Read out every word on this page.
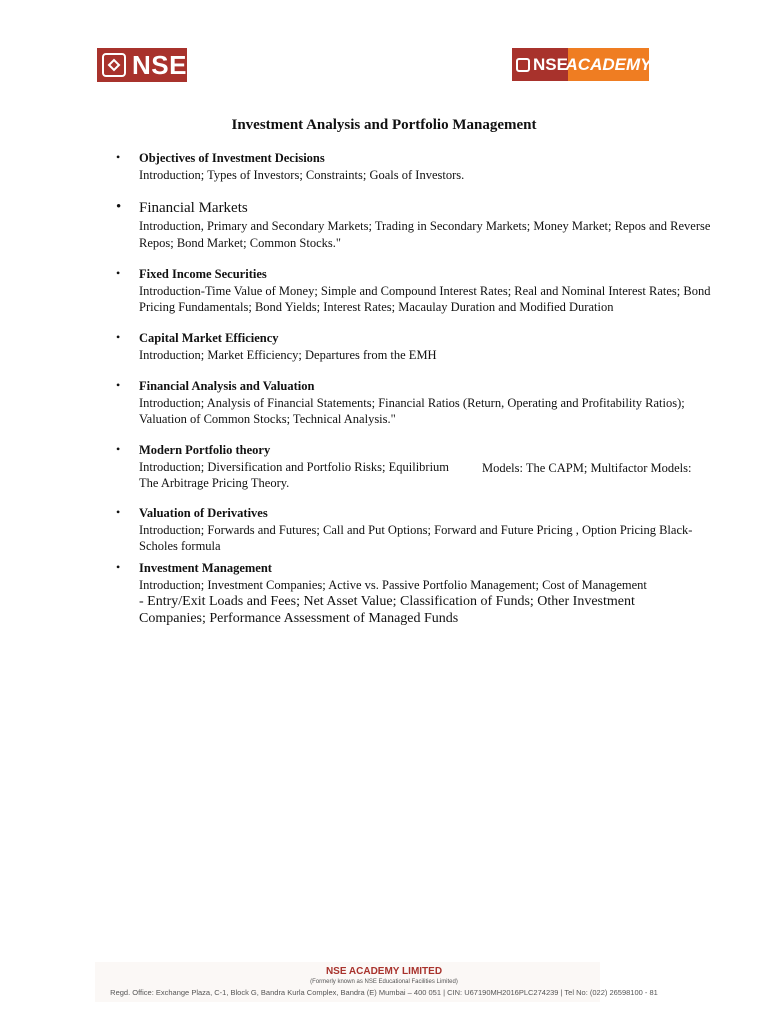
NSE	NSE
ACADEMY
Investment Analysis and Portfolio Management
• Objectives of Investment Decisions
Introduction; Types of Investors; Constraints; Goals of Investors.
• Financial Markets
Introduction, Primary and Secondary Markets; Trading in Secondary Markets; Money Market; Repos and Reverse Repos; Bond Market; Common Stocks."
• Fixed Income Securities
Introduction-Time Value of Money; Simple and Compound Interest Rates; Real and Nominal Interest Rates; Bond Pricing Fundamentals; Bond Yields; Interest Rates; Macaulay Duration and Modified Duration
• Capital Market Efficiency
Introduction; Market Efficiency; Departures from the EMH
• Financial Analysis and Valuation
Introduction; Analysis of Financial Statements; Financial Ratios (Return, Operating and Profitability Ratios); Valuation of Common Stocks; Technical Analysis."
• Modern Portfolio theory
Introduction; Diversification and Portfolio Risks; Equilibrium	Models: The CAPM; Multifactor Models:
The Arbitrage Pricing Theory.
• Valuation of Derivatives
Introduction; Forwards and Futures; Call and Put Options; Forward and Future Pricing , Option Pricing Black-Scholes formula
• Investment Management
Introduction; Investment Companies; Active vs. Passive Portfolio Management; Cost of Management
- Entry/Exit Loads and Fees; Net Asset Value; Classification of Funds; Other Investment Companies; Performance Assessment of Managed Funds
NSE ACADEMY LIMITED
(Formerly known as NSE Educational Facilities Limited)
Regd. Office: Exchange Plaza, C-1, Block G, Bandra Kurla Complex, Bandra (E) Mumbai – 400 051 | CIN: U67190MH2016PLC274239 | Tel No: (022) 26598100 - 81
